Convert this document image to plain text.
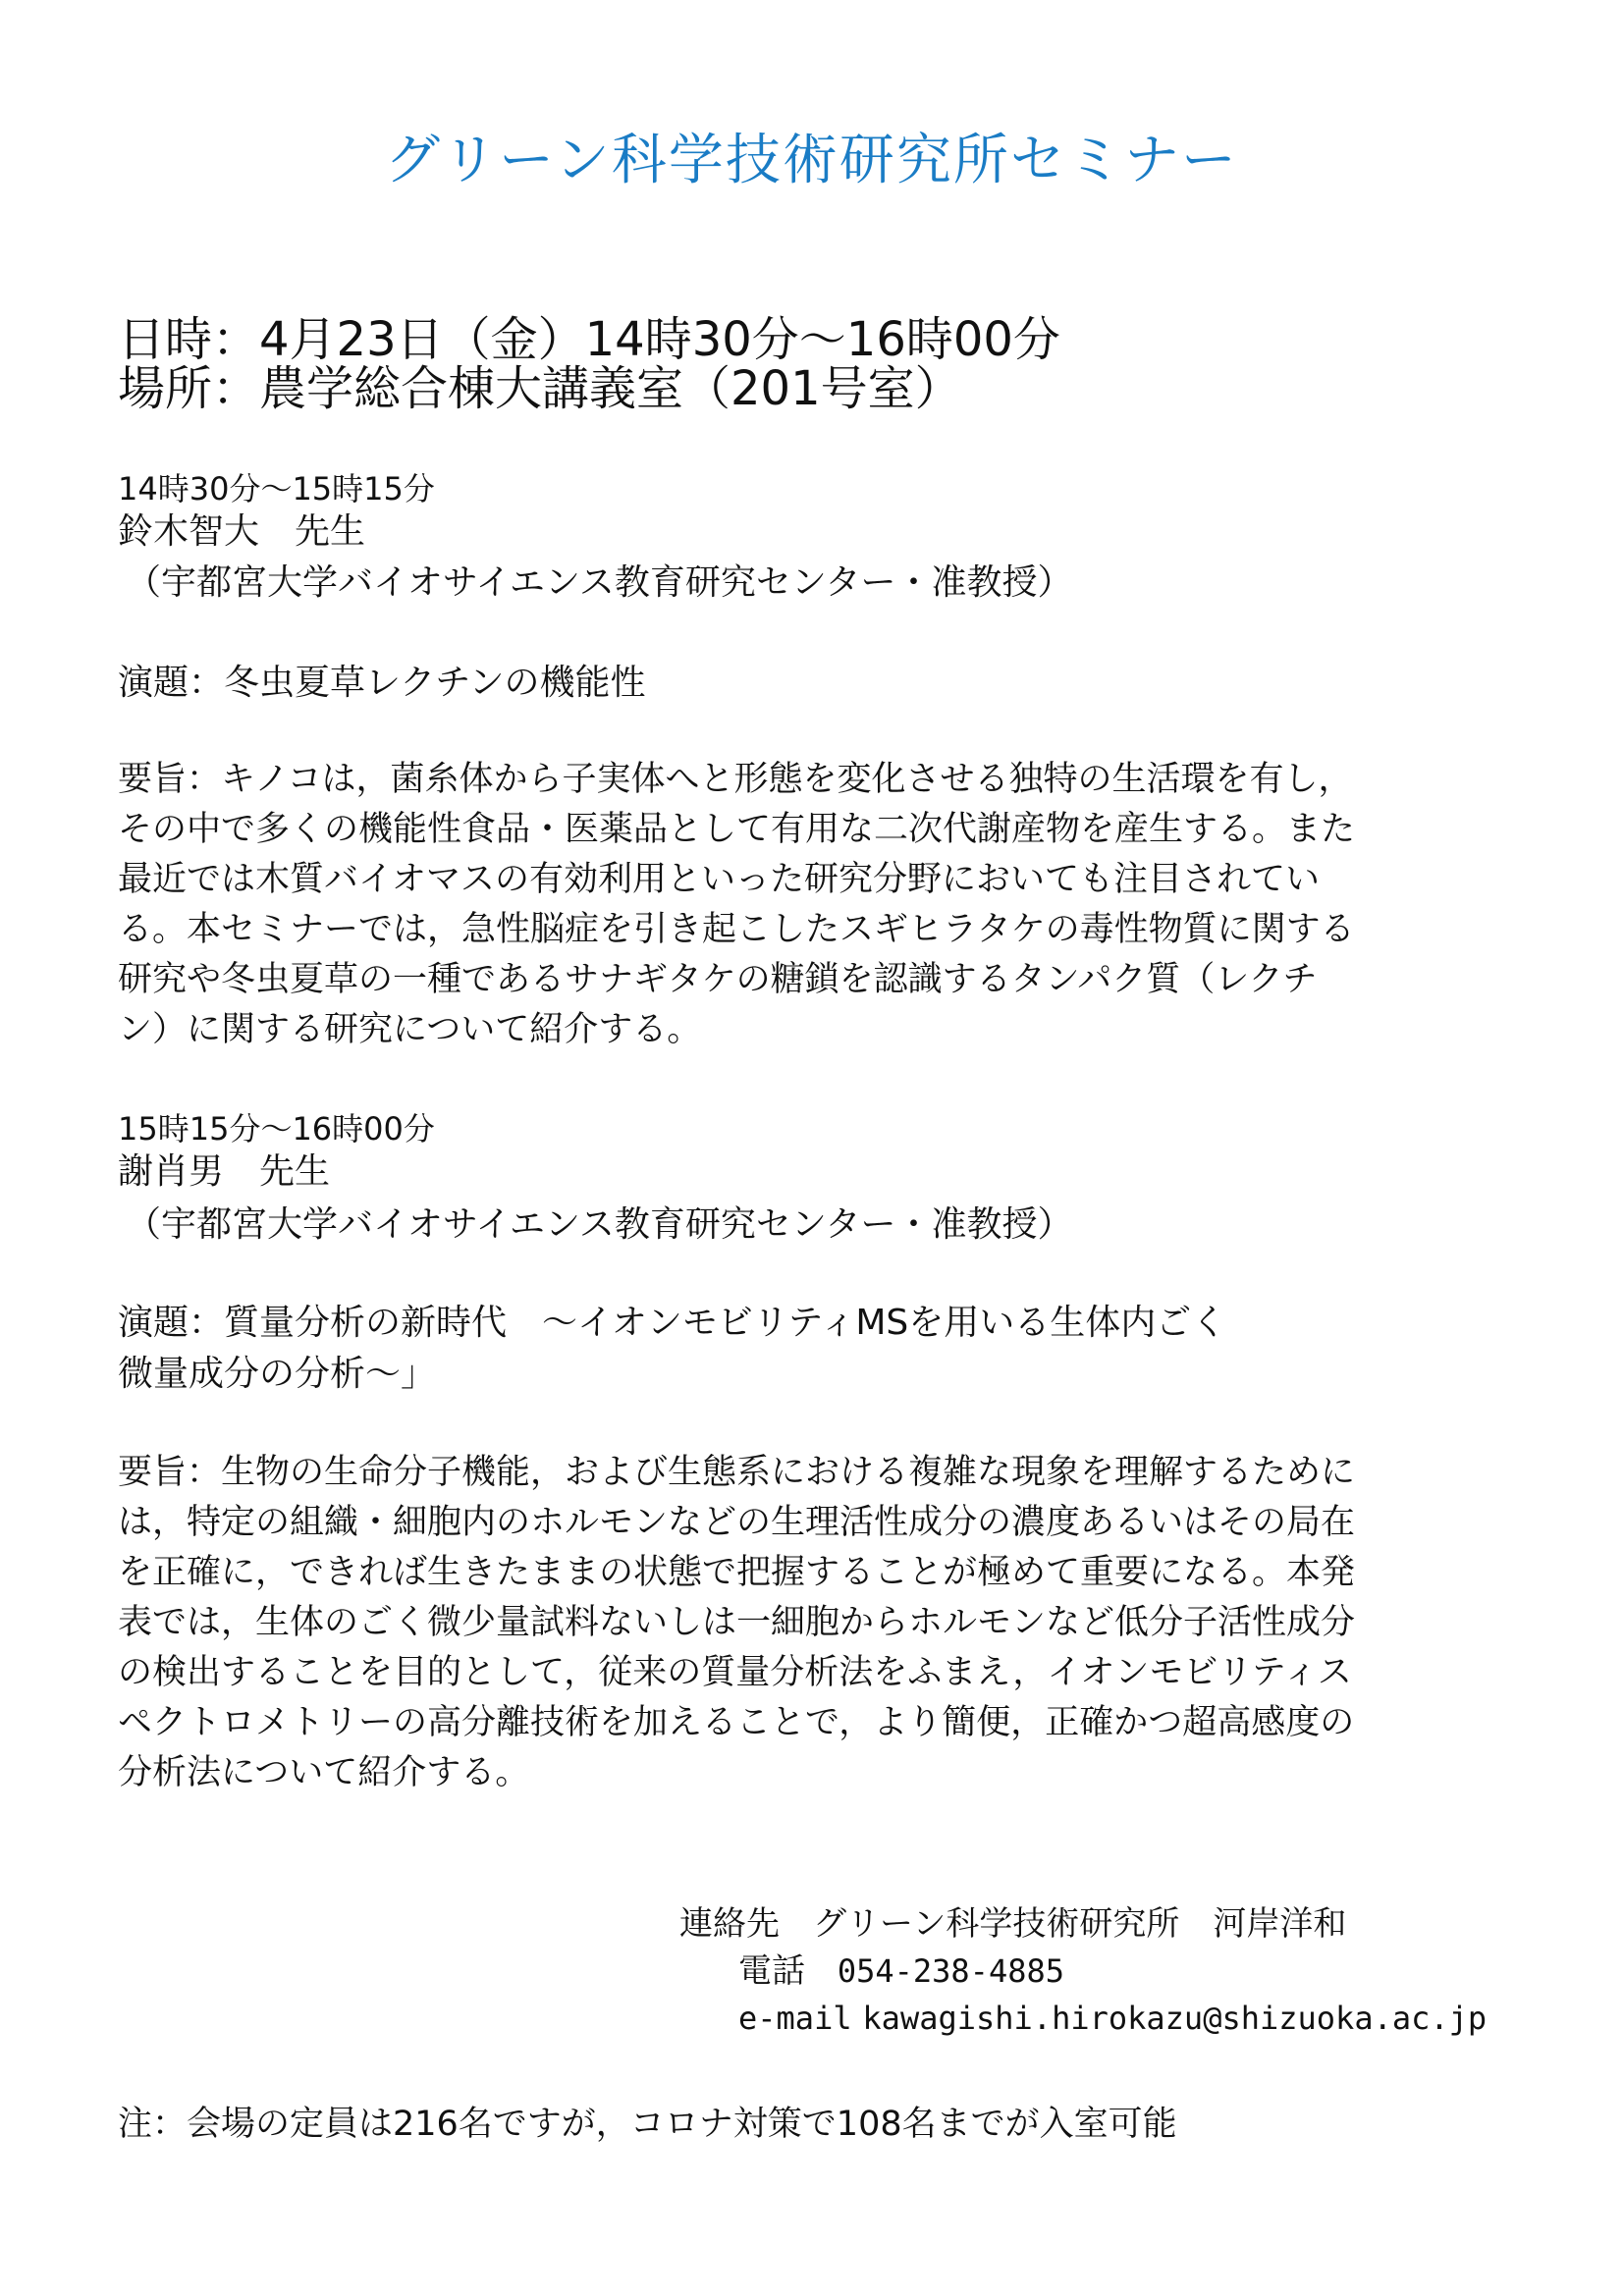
グリーン科学技術研究所セミナー
日時：4月23日（金）14時30分～16時00分
場所：農学総合棟大講義室（201号室）
14時30分～15時15分
鈴木智大　先生
（宇都宮大学バイオサイエンス教育研究センター・准教授）
演題：冬虫夏草レクチンの機能性
要旨：キノコは，菌糸体から子実体へと形態を変化させる独特の生活環を有し，
その中で多くの機能性食品・医薬品として有用な二次代謝産物を産生する。また
最近では木質バイオマスの有効利用といった研究分野においても注目されてい
る。本セミナーでは，急性脳症を引き起こしたスギヒラタケの毒性物質に関する
研究や冬虫夏草の一種であるサナギタケの糖鎖を認識するタンパク質（レクチ
ン）に関する研究について紹介する。
15時15分～16時00分
謝肖男　先生
（宇都宮大学バイオサイエンス教育研究センター・准教授）
演題：質量分析の新時代　～イオンモビリティMSを用いる生体内ごく
微量成分の分析～」
要旨：生物の生命分子機能，および生態系における複雑な現象を理解するために
は，特定の組織・細胞内のホルモンなどの生理活性成分の濃度あるいはその局在
を正確に，できれば生きたままの状態で把握することが極めて重要になる。本発
表では，生体のごく微少量試料ないしは一細胞からホルモンなど低分子活性成分
の検出することを目的として，従来の質量分析法をふまえ，イオンモビリティス
ペクトロメトリーの高分離技術を加えることで，より簡便，正確かつ超高感度の
分析法について紹介する。
連絡先　グリーン科学技術研究所　河岸洋和
電話 054-238-4885
e-mail kawagishi.hirokazu@shizuoka.ac.jp
注：会場の定員は216名ですが，コロナ対策で108名までが入室可能
